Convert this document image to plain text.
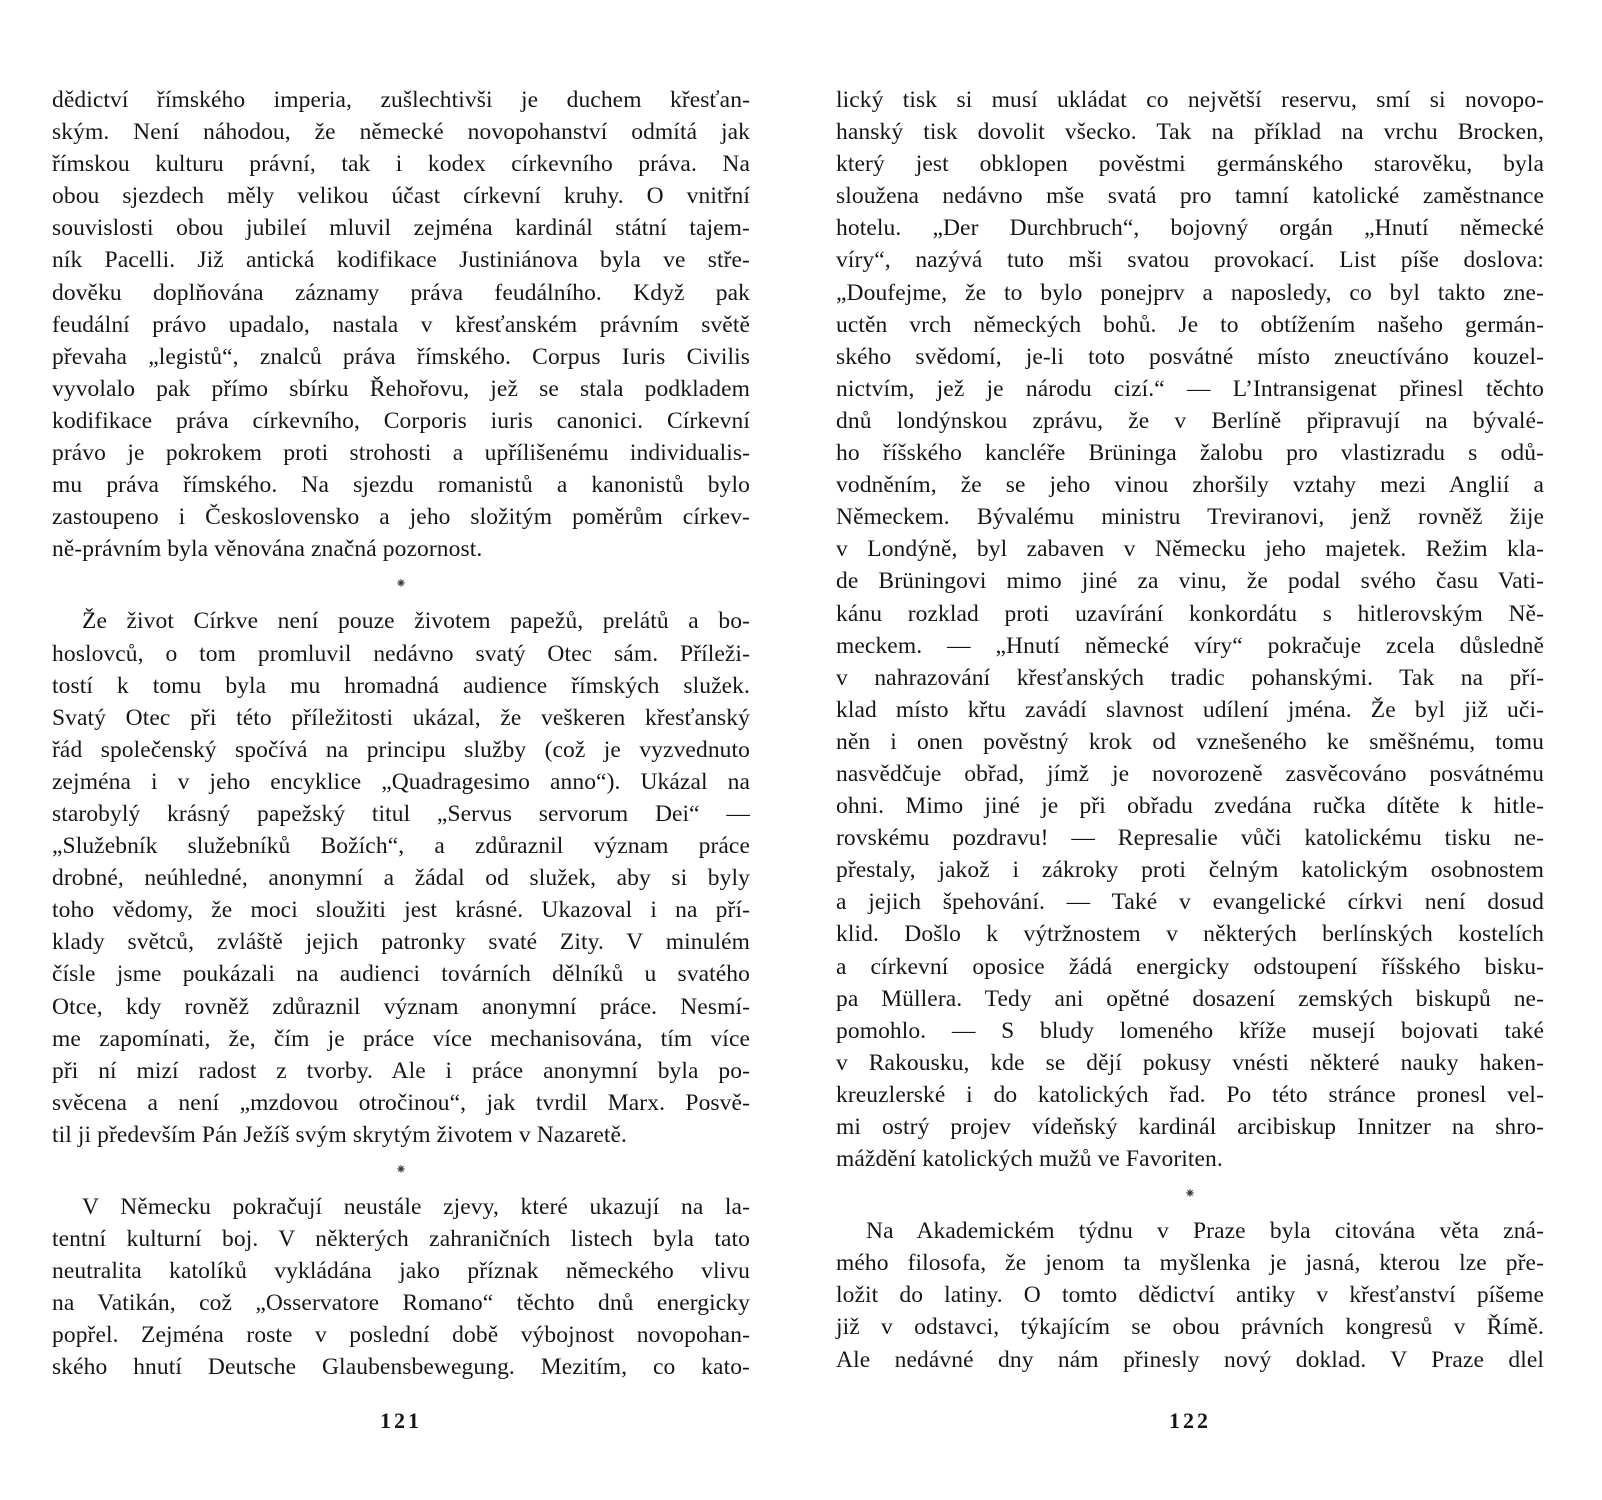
dědictví římského imperia, zušlechtivši je duchem křesťan-
ským. Není náhodou, že německé novopohanství odmítá jak
římskou kulturu právní, tak i kodex církevního práva. Na
obou sjezdech měly velikou účast církevní kruhy. O vnitřní
souvislosti obou jubileí mluvil zejména kardinál státní tajem-
ník Pacelli. Již antická kodifikace Justiniánova byla ve stře-
dověku doplňována záznamy práva feudálního. Když pak
feudální právo upadalo, nastala v křesťanském právním světě
převaha „legistů“, znalců práva římského. Corpus Iuris Civilis
vyvolalo pak přímo sbírku Řehořovu, jež se stala podkladem
kodifikace práva církevního, Corporis iuris canonici. Církevní
právo je pokrokem proti strohosti a upřílišenému individualis-
mu práva římského. Na sjezdu romanistů a kanonistů bylo
zastoupeno i Československo a jeho složitým poměrům církev-
ně-právním byla věnována značná pozornost.
⁕
Že život Církve není pouze životem papežů, prelátů a bo-
hoslovců, o tom promluvil nedávno svatý Otec sám. Příleži-
tostí k tomu byla mu hromadná audience římských služek.
Svatý Otec při této příležitosti ukázal, že veškeren křesťanský
řád společenský spočívá na principu služby (což je vyzvednuto
zejména i v jeho encyklice „Quadragesimo anno“). Ukázal na
starobylý krásný papežský titul „Servus servorum Dei“ —
„Služebník služebníků Božích“, a zdůraznil význam práce
drobné, neúhledné, anonymní a žádal od služek, aby si byly
toho vědomy, že moci sloužiti jest krásné. Ukazoval i na pří-
klady světců, zvláště jejich patronky svaté Zity. V minulém
čísle jsme poukázali na audienci továrních dělníků u svatého
Otce, kdy rovněž zdůraznil význam anonymní práce. Nesmí-
me zapomínati, že, čím je práce více mechanisována, tím více
při ní mizí radost z tvorby. Ale i práce anonymní byla po-
svěcena a není „mzdovou otročinou“, jak tvrdil Marx. Posvě-
til ji především Pán Ježíš svým skrytým životem v Nazaretě.
⁕
V Německu pokračují neustále zjevy, které ukazují na la-
tentní kulturní boj. V některých zahraničních listech byla tato
neutralita katolíků vykládána jako příznak německého vlivu
na Vatikán, což „Osservatore Romano“ těchto dnů energicky
popřel. Zejména roste v poslední době výbojnost novopohan-
ského hnutí Deutsche Glaubensbewegung. Mezitím, co kato-
121
lický tisk si musí ukládat co největší reservu, smí si novopo-
hanský tisk dovolit všecko. Tak na příklad na vrchu Brocken,
který jest obklopen pověstmi germánského starověku, byla
sloužena nedávno mše svatá pro tamní katolické zaměstnance
hotelu. „Der Durchbruch“, bojovný orgán „Hnutí německé
víry“, nazývá tuto mši svatou provokací. List píše doslova:
„Doufejme, že to bylo ponejprv a naposledy, co byl takto zne-
uctěn vrch německých bohů. Je to obtížením našeho germán-
ského svědomí, je-li toto posvátné místo zneuctíváno kouzel-
nictvím, jež je národu cizí.“ — L’Intransigenat přinesl těchto
dnů londýnskou zprávu, že v Berlíně připravují na bývalé-
ho říšského kancléře Brüninga žalobu pro vlastizradu s odů-
vodněním, že se jeho vinou zhoršily vztahy mezi Anglií a
Německem. Bývalému ministru Treviranovi, jenž rovněž žije
v Londýně, byl zabaven v Německu jeho majetek. Režim kla-
de Brüningovi mimo jiné za vinu, že podal svého času Vati-
kánu rozklad proti uzavírání konkordátu s hitlerovským Ně-
meckem. — „Hnutí německé víry“ pokračuje zcela důsledně
v nahrazování křesťanských tradic pohanskými. Tak na pří-
klad místo křtu zavádí slavnost udílení jména. Že byl již uči-
něn i onen pověstný krok od vznešeného ke směšnému, tomu
nasvědčuje obřad, jímž je novorozeně zasvěcováno posvátnému
ohni. Mimo jiné je při obřadu zvedána ručka dítěte k hitle-
rovskému pozdravu! — Represalie vůči katolickému tisku ne-
přestaly, jakož i zákroky proti čelným katolickým osobnostem
a jejich špehování. — Také v evangelické církvi není dosud
klid. Došlo k výtržnostem v některých berlínských kostelích
a církevní oposice žádá energicky odstoupení říšského bisku-
pa Müllera. Tedy ani opětné dosazení zemských biskupů ne-
pomohlo. — S bludy lomeného kříže musejí bojovati také
v Rakousku, kde se dějí pokusy vnésti některé nauky haken-
kreuzlerské i do katolických řad. Po této stránce pronesl vel-
mi ostrý projev vídeňský kardinál arcibiskup Innitzer na shro-
máždění katolických mužů ve Favoriten.
⁕
Na Akademickém týdnu v Praze byla citována věta zná-
mého filosofa, že jenom ta myšlenka je jasná, kterou lze pře-
ložit do latiny. O tomto dědictví antiky v křesťanství píšeme
již v odstavci, týkajícím se obou právních kongresů v Římě.
Ale nedávné dny nám přinesly nový doklad. V Praze dlel
122
